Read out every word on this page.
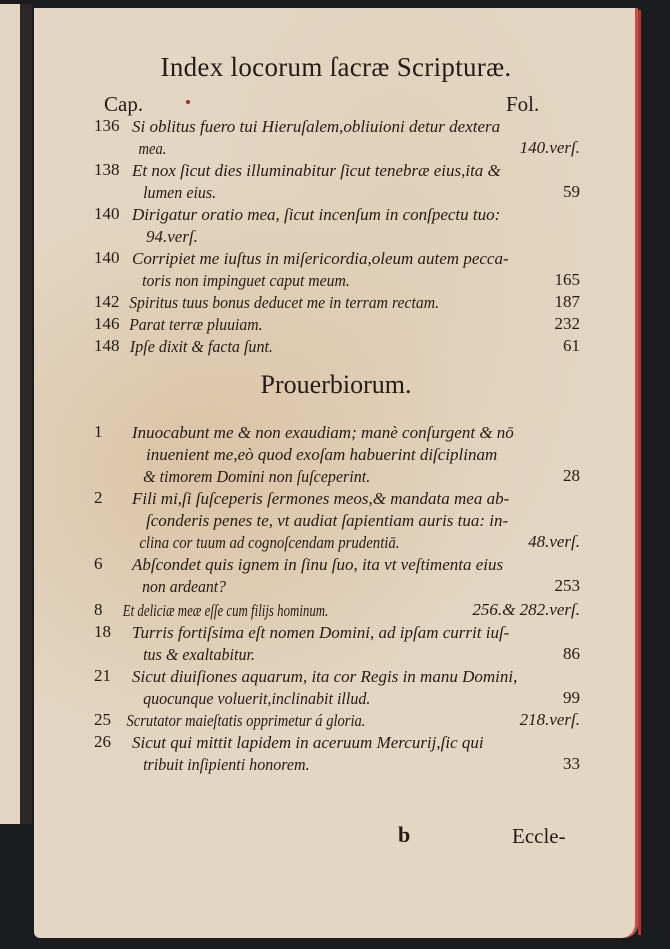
Index locorum ſacræ Scripturæ.
Cap.	Fol.
136 Si oblitus fuero tui Hieruſalem,obliuioni detur dextera
mea.	140.verſ.
138 Et nox ſicut dies illuminabitur ſicut tenebræ eius,ita &
lumen eius.	59
140 Dirigatur oratio mea, ſicut incenſum in conſpectu tuo:
94.verſ.
140 Corripiet me iuſtus in miſericordia,oleum autem pecca-
toris non impinguet caput meum.	165
142 Spiritus tuus bonus deducet me in terram rectam.	187
146 Parat terræ pluuiam.	232
148 Ipſe dixit & facta ſunt.	61
Prouerbiorum.
1	Inuocabunt me & non exaudiam; manè conſurgent & nō
inuenient me,eò quod exoſam habuerint diſciplinam
& timorem Domini non ſuſceperint.	28
2	Fili mi,ſi ſuſceperis ſermones meos,& mandata mea ab-
ſconderis penes te, vt audiat ſapientiam auris tua: in-
clina cor tuum ad cognoſcendam prudentiā.	48.verſ.
6	Abſcondet quis ignem in ſinu ſuo, ita vt veſtimenta eius
non ardeant?	253
8	Et deliciæ meæ eſſe cum filijs hominum.	256.& 282.verſ.
18	Turris fortiſsima eſt nomen Domini, ad ipſam currit iuſ-
tus & exaltabitur.	86
21	Sicut diuiſiones aquarum, ita cor Regis in manu Domini,
quocunque voluerit,inclinabit illud.	99
25 Scrutator maieſtatis opprimetur á gloria.	218.verſ.
26	Sicut qui mittit lapidem in aceruum Mercurij,ſic qui
tribuit inſipienti honorem.	33
b	Eccle-
